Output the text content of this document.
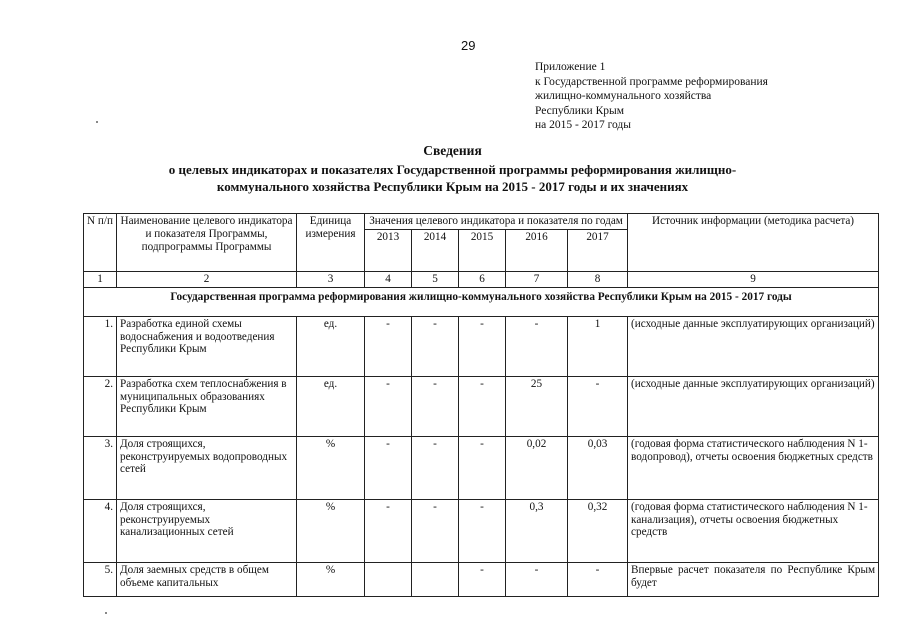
29
Приложение 1
к Государственной программе реформирования
жилищно-коммунального хозяйства
Республики Крым
на 2015 - 2017 годы
Сведения
о целевых индикаторах и показателях Государственной программы реформирования жилищно-
коммунального хозяйства Республики Крым на 2015 - 2017 годы и их значениях
N п/п	Наименование целевого индикатора и показателя Программы, подпрограммы Программы	Единица измерения	Значения целевого индикатора и показателя по годам					Источник информации (методика расчета)
			2013	2014	2015	2016	2017	
1	2	3	4	5	6	7	8	9
Государственная программа реформирования жилищно-коммунального хозяйства Республики Крым на 2015 - 2017 годы								
1.	Разработка единой схемы водоснабжения и водоотведения Республики Крым	ед.	-	-	-	-	1	(исходные данные эксплуатирующих организаций)
2.	Разработка схем теплоснабжения в муниципальных образованиях Республики Крым	ед.	-	-	-	25	-	(исходные данные эксплуатирующих организаций)
3.	Доля строящихся, реконструируемых водопроводных сетей	%	-	-	-	0,02	0,03	(годовая форма статистического наблюдения N 1-водопровод), отчеты освоения бюджетных средств
4.	Доля строящихся, реконструируемых канализационных сетей	%	-	-	-	0,3	0,32	(годовая форма статистического наблюдения N 1-канализация), отчеты освоения бюджетных средств
5.	Доля заемных средств в общем объеме капитальных	%			-	-	-	Впервые расчет показателя по Республике Крым будет
